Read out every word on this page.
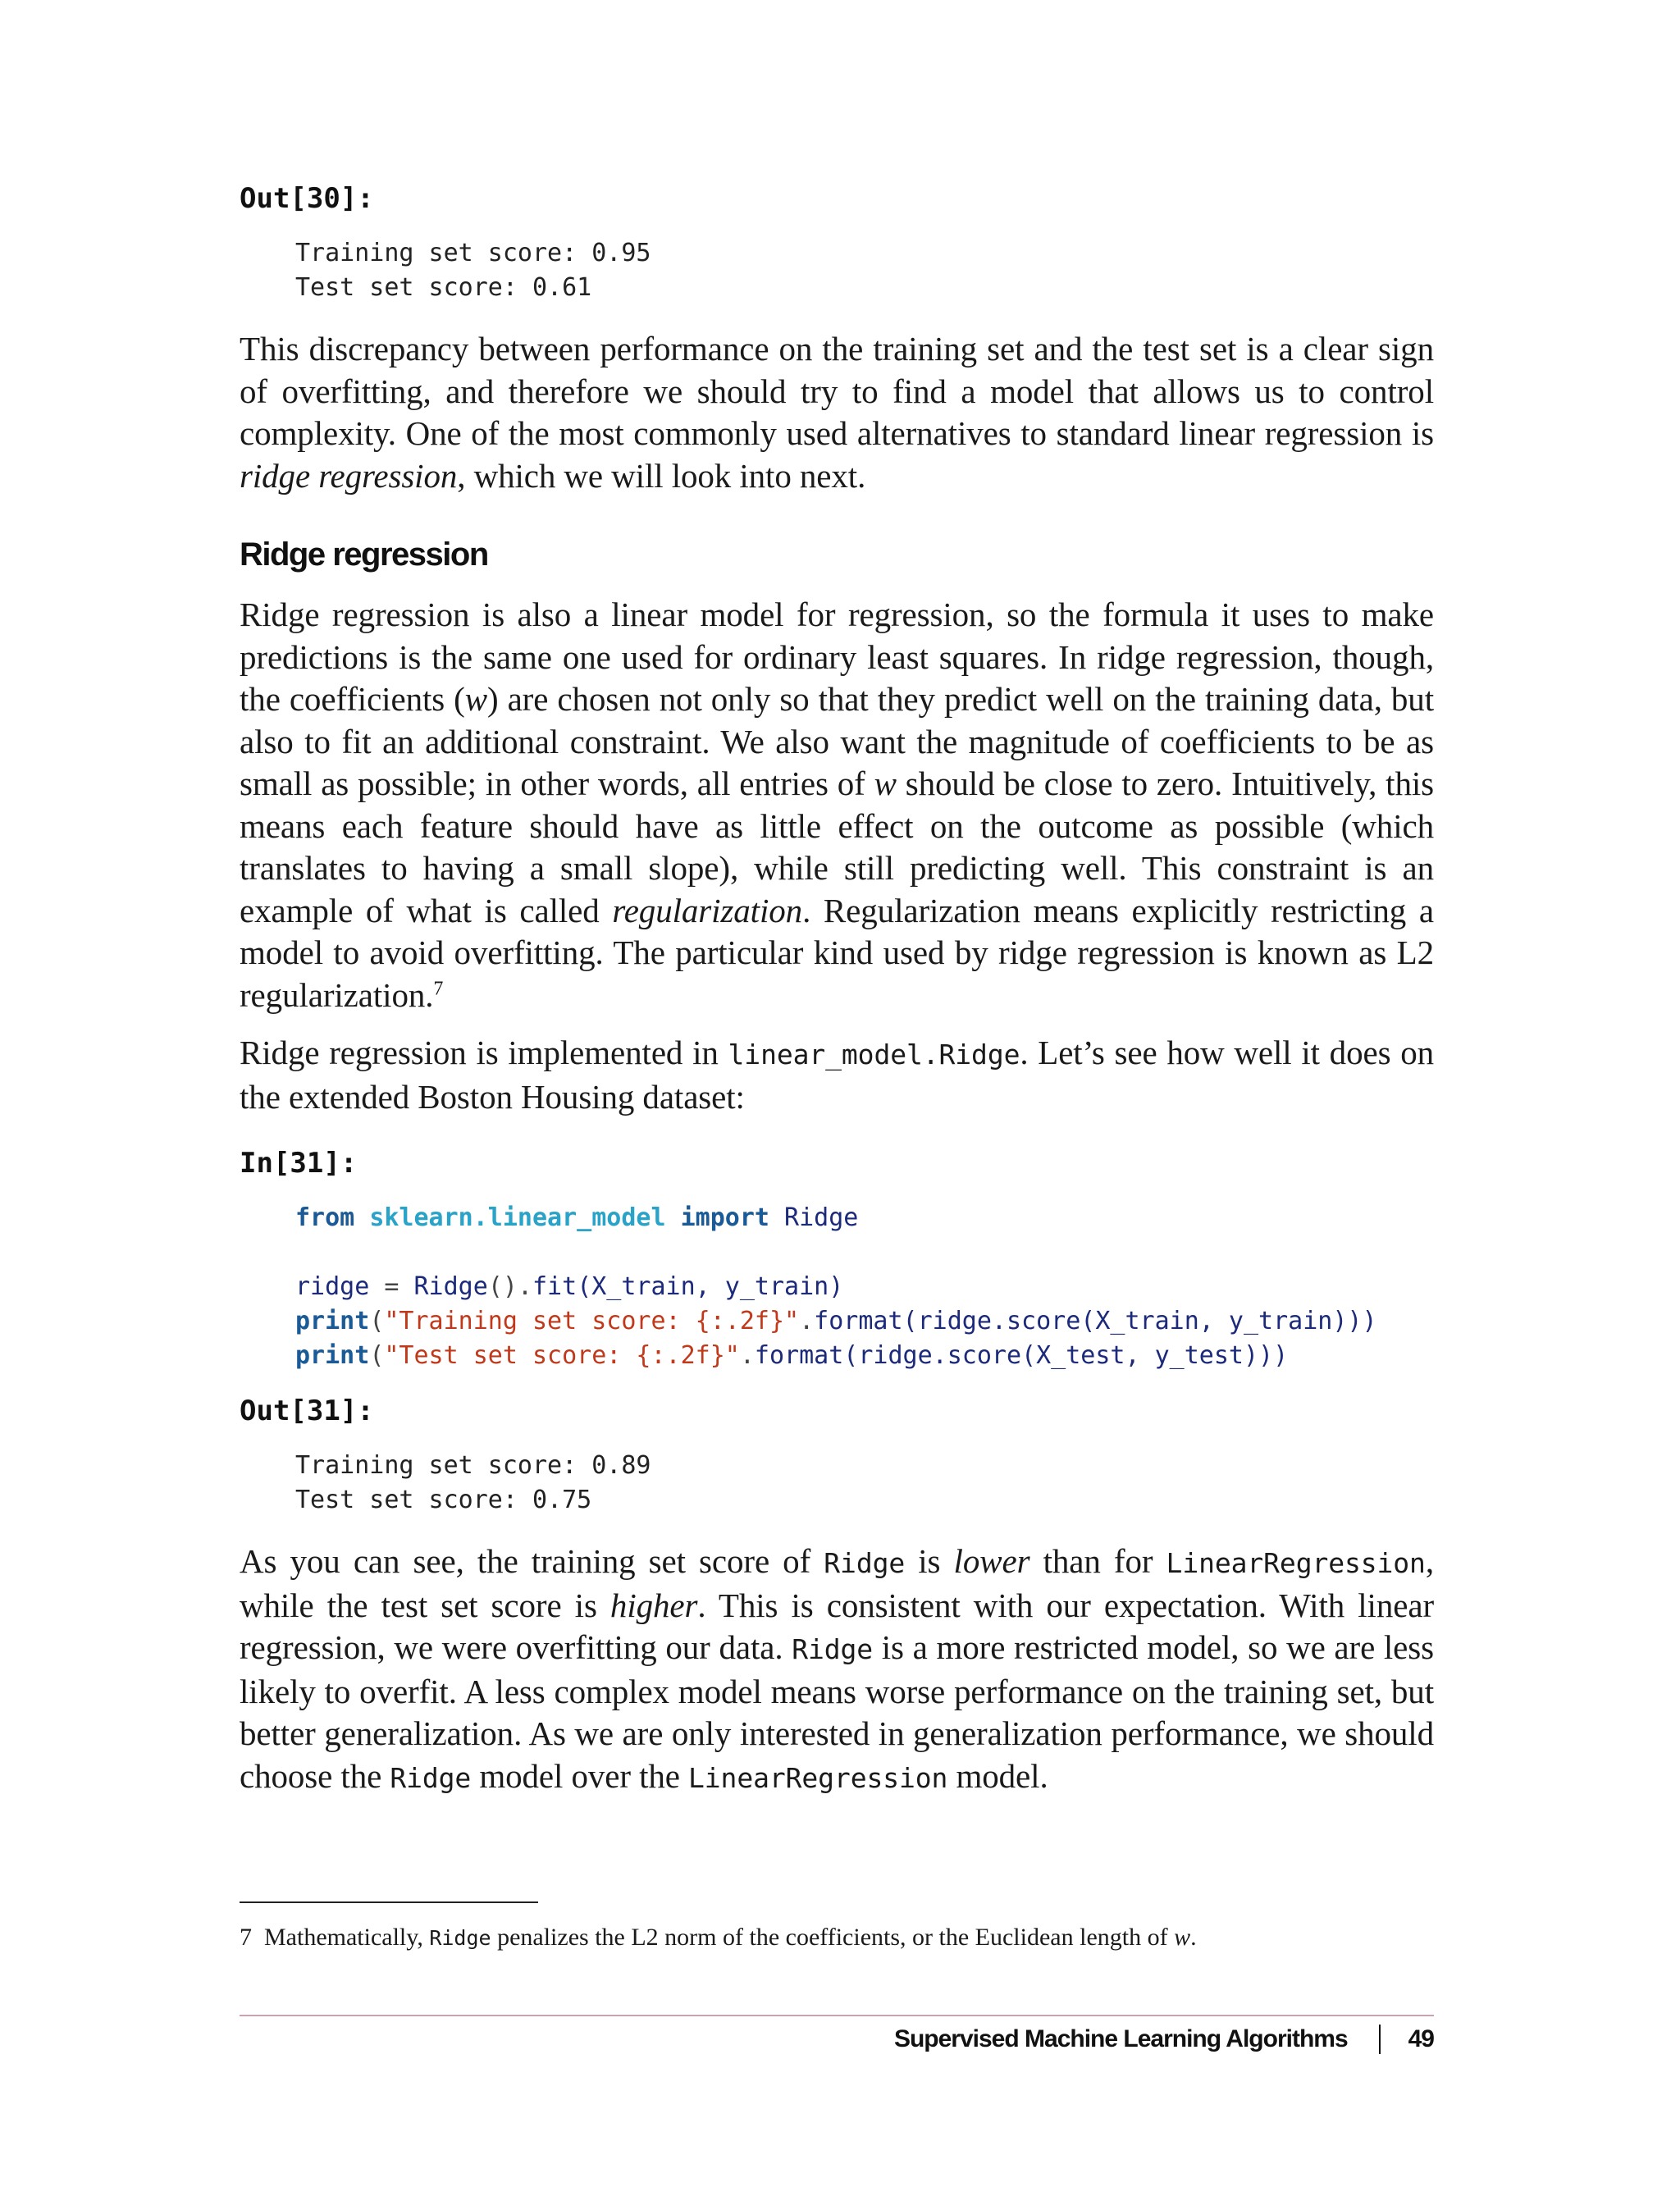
Out[30]:
Training set score: 0.95
Test set score: 0.61

This discrepancy between performance on the training set and the test set is a clear sign of overfitting, and therefore we should try to find a model that allows us to control complexity. One of the most commonly used alternatives to standard linear regression is ridge regression, which we will look into next.

Ridge regression

Ridge regression is also a linear model for regression, so the formula it uses to make predictions is the same one used for ordinary least squares. In ridge regression, though, the coefficients (w) are chosen not only so that they predict well on the training data, but also to fit an additional constraint. We also want the magnitude of coefficients to be as small as possible; in other words, all entries of w should be close to zero. Intuitively, this means each feature should have as little effect on the outcome as possible (which translates to having a small slope), while still predicting well. This constraint is an example of what is called regularization. Regularization means explicitly restricting a model to avoid overfitting. The particular kind used by ridge regression is known as L2 regularization.$^7$

Ridge regression is implemented in linear_model.Ridge. Let’s see how well it does on the extended Boston Housing dataset:

In[31]:
from sklearn.linear_model import Ridge

ridge = Ridge().fit(X_train, y_train)
print("Training set score: {:.2f}".format(ridge.score(X_train, y_train)))
print("Test set score: {:.2f}".format(ridge.score(X_test, y_test)))
Out[31]:
Training set score: 0.89
Test set score: 0.75

As you can see, the training set score of Ridge is lower than for LinearRegression, while the test set score is higher. This is consistent with our expectation. With linear regression, we were overfitting our data. Ridge is a more restricted model, so we are less likely to overfit. A less complex model means worse performance on the training set, but better generalization. As we are only interested in generalization performance, we should choose the Ridge model over the LinearRegression model.

7 Mathematically, Ridge penalizes the L2 norm of the coefficients, or the Euclidean length of w.
Supervised Machine Learning Algorithms 49
